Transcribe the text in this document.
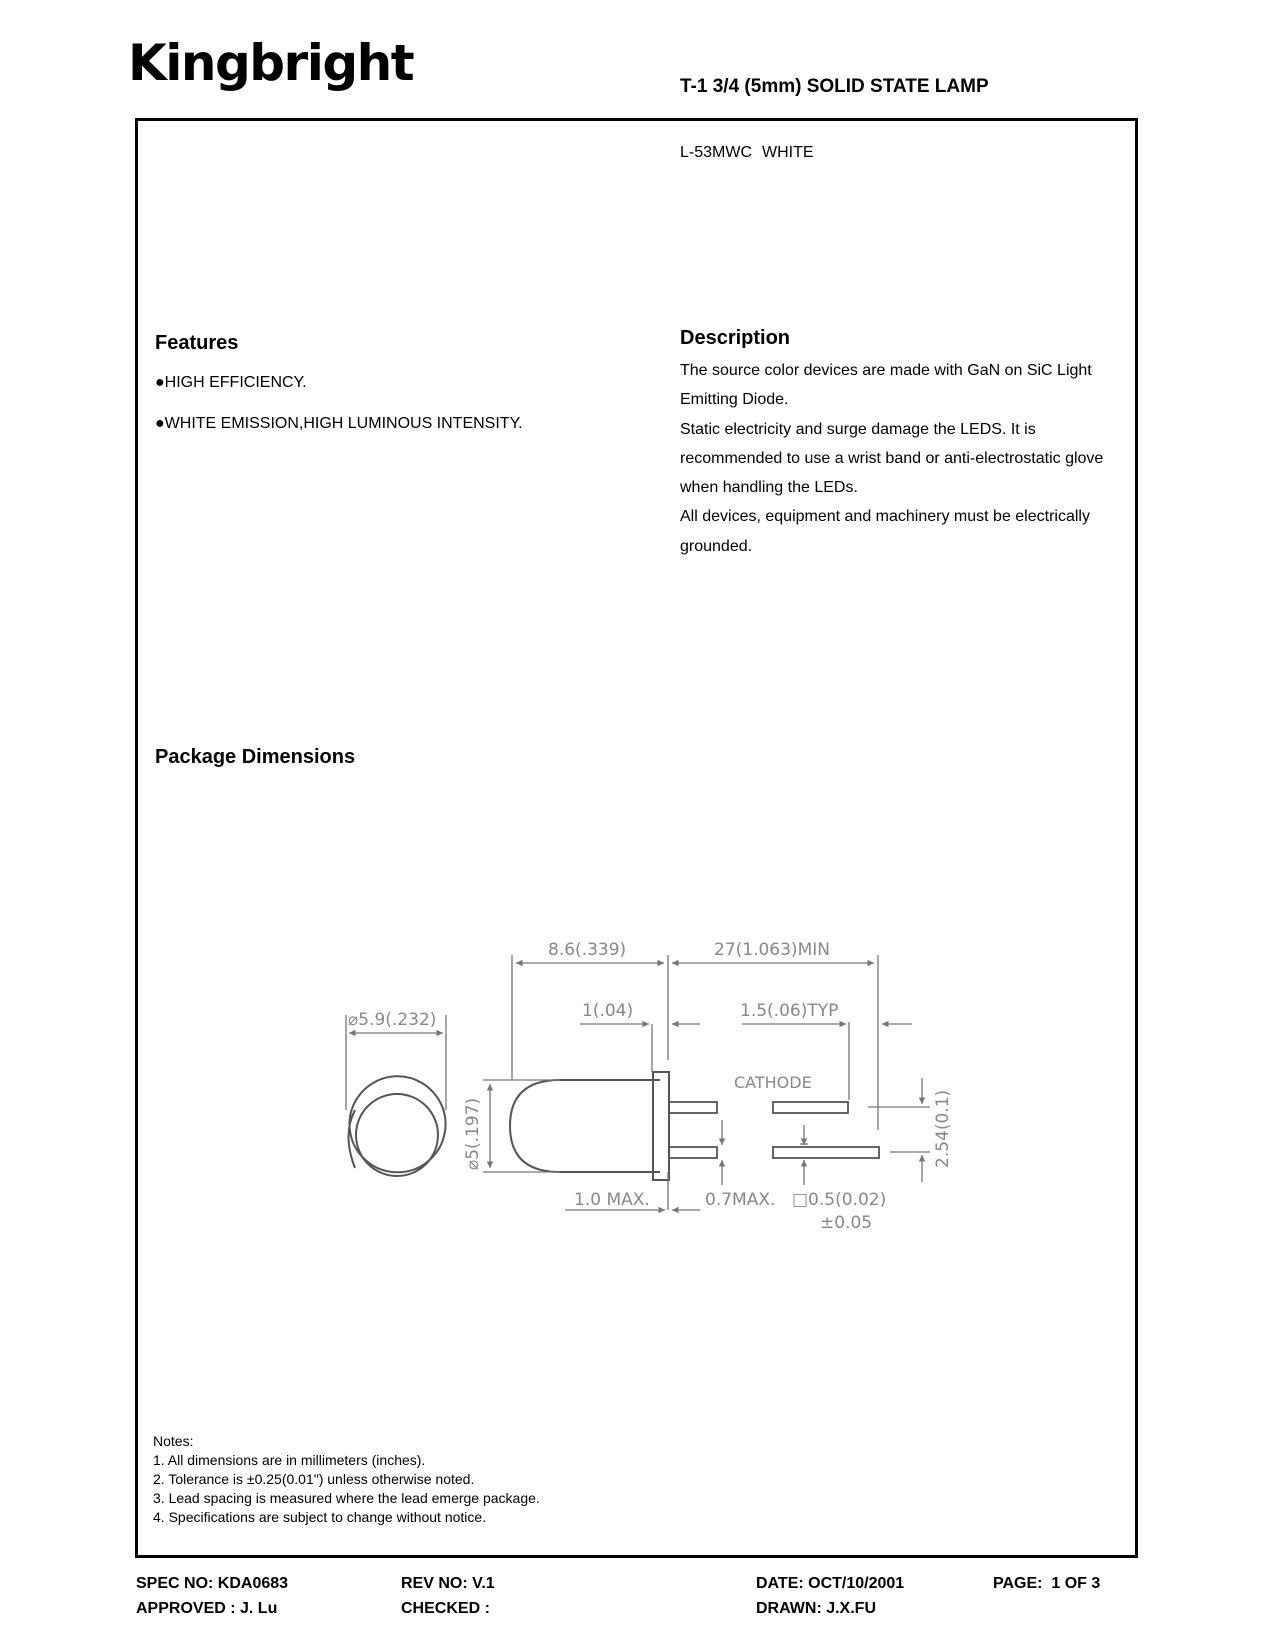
Kingbright	T-1 3/4 (5mm) SOLID STATE LAMP
L-53MWC WHITE
Features
●HIGH EFFICIENCY.
●WHITE EMISSION,HIGH LUMINOUS INTENSITY.
Description
The source color devices are made with GaN on SiC Light
Emitting Diode.
Static electricity and surge damage the LEDS. It is
recommended to use a wrist band or anti-electrostatic glove
when handling the LEDs.
All devices, equipment and machinery must be electrically
grounded.
Package Dimensions
8.6(.339)	27(1.063)MIN
1(.04)	1.5(.06)TYP
⌀5.9(.232)
CATHODE
⌀5(.197)	2.54(0.1)
1.0 MAX.	0.7MAX. □0.5(0.02)
±0.05
Notes:
1. All dimensions are in millimeters (inches).
2. Tolerance is ±0.25(0.01") unless otherwise noted.
3. Lead spacing is measured where the lead emerge package.
4. Specifications are subject to change without notice.
SPEC NO: KDA0683	REV NO: V.1	DATE: OCT/10/2001	PAGE:  1 OF 3
APPROVED : J. Lu	CHECKED :	DRAWN: J.X.FU
